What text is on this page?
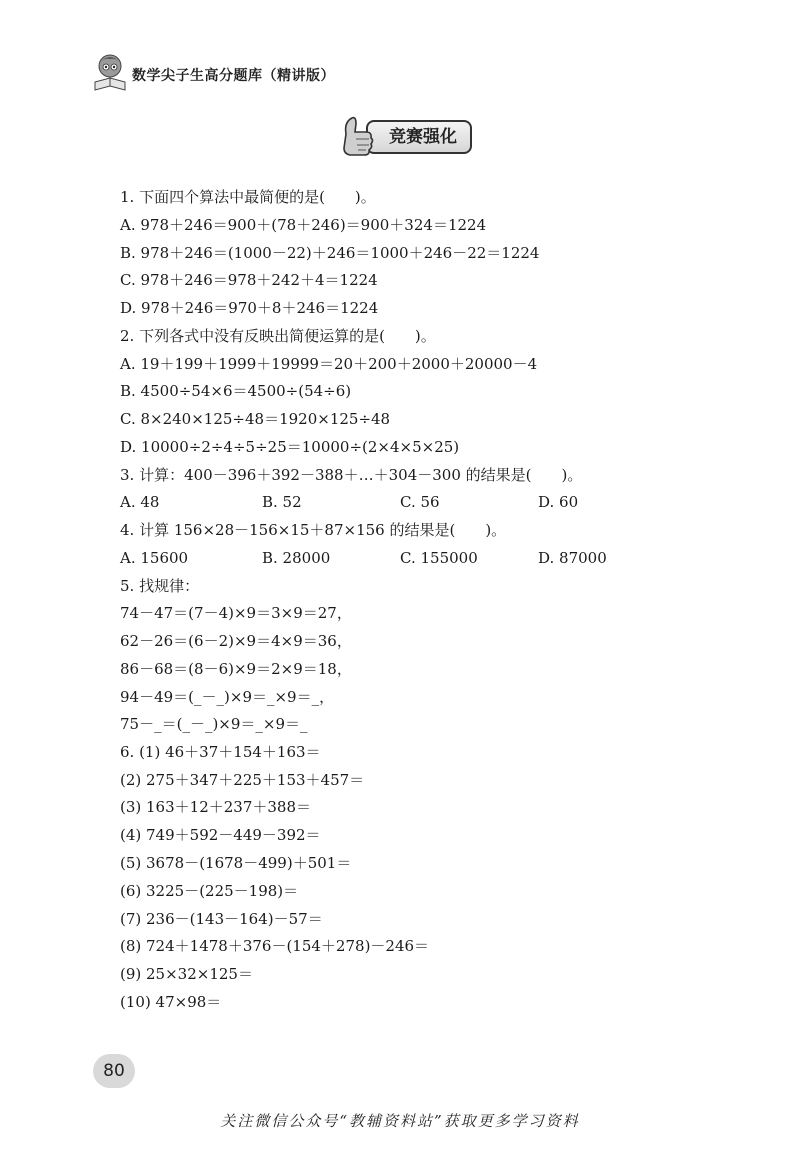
数学尖子生高分题库（精讲版）
竞赛强化
1. 下面四个算法中最简便的是(　　)。
A. 978＋246＝900＋(78＋246)＝900＋324＝1224
B. 978＋246＝(1000－22)＋246＝1000＋246－22＝1224
C. 978＋246＝978＋242＋4＝1224
D. 978＋246＝970＋8＋246＝1224
2. 下列各式中没有反映出简便运算的是(　　)。
A. 19＋199＋1999＋19999＝20＋200＋2000＋20000－4
B. 4500÷54×6＝4500÷(54÷6)
C. 8×240×125÷48＝1920×125÷48
D. 10000÷2÷4÷5÷25＝10000÷(2×4×5×25)
3. 计算：400－396＋392－388＋…＋304－300 的结果是(　　)。
A. 48	B. 52	C. 56	D. 60
4. 计算 156×28－156×15＋87×156 的结果是(　　)。
A. 15600	B. 28000	C. 155000	D. 87000
5. 找规律：
74－47＝(7－4)×9＝3×9＝27，
62－26＝(6－2)×9＝4×9＝36，
86－68＝(8－6)×9＝2×9＝18，
94－49＝(_－_)×9＝_×9＝_，
75－_＝(_－_)×9＝_×9＝_
6. (1) 46＋37＋154＋163＝
(2) 275＋347＋225＋153＋457＝
(3) 163＋12＋237＋388＝
(4) 749＋592－449－392＝
(5) 3678－(1678－499)＋501＝
(6) 3225－(225－198)＝
(7) 236－(143－164)－57＝
(8) 724＋1478＋376－(154＋278)－246＝
(9) 25×32×125＝
(10) 47×98＝
80
关注微信公众号“教辅资料站”获取更多学习资料
